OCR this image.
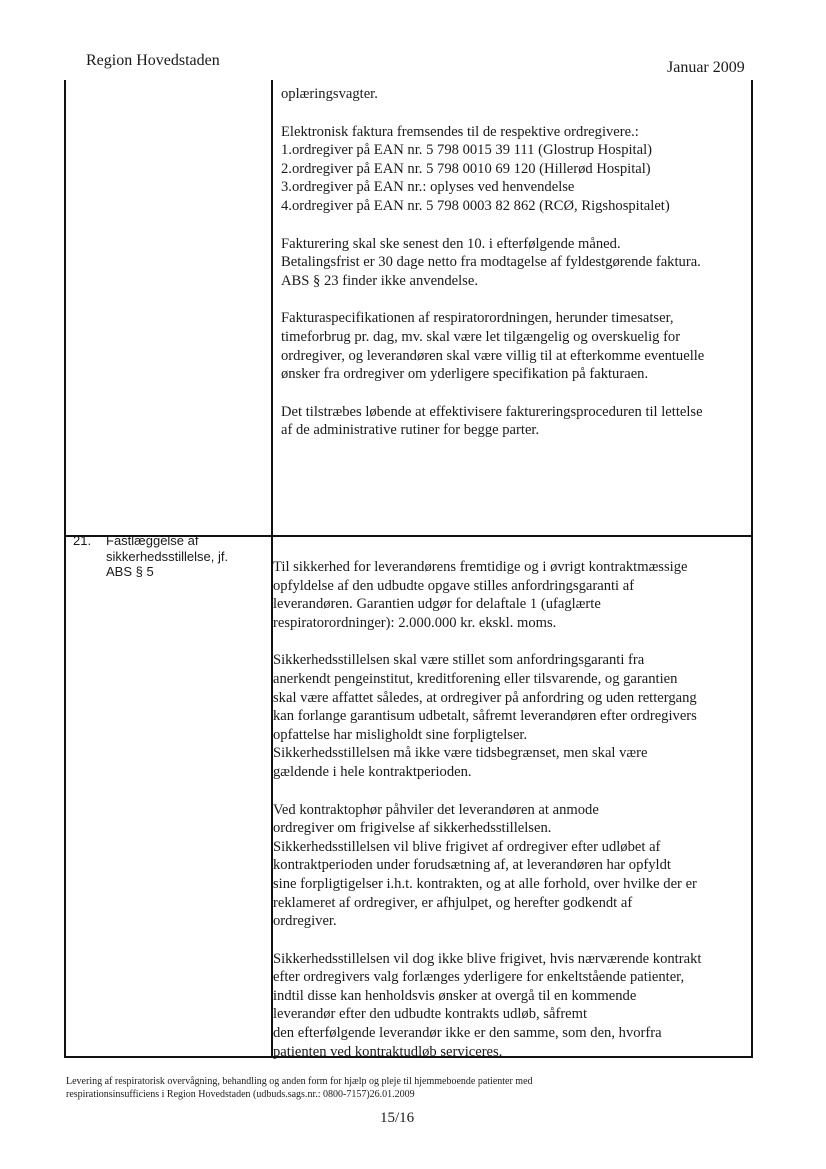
Region Hovedstaden	Januar 2009

oplæringsvagter.

Elektronisk faktura fremsendes til de respektive ordregivere.:
1.ordregiver på EAN nr. 5 798 0015 39 111 (Glostrup Hospital)
2.ordregiver på EAN nr. 5 798 0010 69 120 (Hillerød Hospital)
3.ordregiver på EAN nr.: oplyses ved henvendelse
4.ordregiver på EAN nr. 5 798 0003 82 862 (RCØ, Rigshospitalet)

Fakturering skal ske senest den 10. i efterfølgende måned.
Betalingsfrist er 30 dage netto fra modtagelse af fyldestgørende faktura.
ABS § 23 finder ikke anvendelse.

Fakturaspecifikationen af respiratorordningen, herunder timesatser,
timeforbrug pr. dag, mv. skal være let tilgængelig og overskuelig for
ordregiver, og leverandøren skal være villig til at efterkomme eventuelle
ønsker fra ordregiver om yderligere specifikation på fakturaen.

Det tilstræbes løbende at effektivisere faktureringsproceduren til lettelse
af de administrative rutiner for begge parter.

21. Fastlæggelse af
sikkerhedsstillelse, jf.
ABS § 5	Til sikkerhed for leverandørens fremtidige og i øvrigt kontraktmæssige
opfyldelse af den udbudte opgave stilles anfordringsgaranti af
leverandøren. Garantien udgør for delaftale 1 (ufaglærte
respiratorordninger): 2.000.000 kr. ekskl. moms.

Sikkerhedsstillelsen skal være stillet som anfordringsgaranti fra
anerkendt pengeinstitut, kreditforening eller tilsvarende, og garantien
skal være affattet således, at ordregiver på anfordring og uden rettergang
kan forlange garantisum udbetalt, såfremt leverandøren efter ordregivers
opfattelse har misligholdt sine forpligtelser.
Sikkerhedsstillelsen må ikke være tidsbegrænset, men skal være
gældende i hele kontraktperioden.

Ved kontraktophør påhviler det leverandøren at anmode
ordregiver om frigivelse af sikkerhedsstillelsen.
Sikkerhedsstillelsen vil blive frigivet af ordregiver efter udløbet af
kontraktperioden under forudsætning af, at leverandøren har opfyldt
sine forpligtigelser i.h.t. kontrakten, og at alle forhold, over hvilke der er
reklameret af ordregiver, er afhjulpet, og herefter godkendt af
ordregiver.

Sikkerhedsstillelsen vil dog ikke blive frigivet, hvis nærværende kontrakt
efter ordregivers valg forlænges yderligere for enkeltstående patienter,
indtil disse kan henholdsvis ønsker at overgå til en kommende
leverandør efter den udbudte kontrakts udløb, såfremt
den efterfølgende leverandør ikke er den samme, som den, hvorfra
patienten ved kontraktudløb serviceres.

Levering af respiratorisk overvågning, behandling og anden form for hjælp og pleje til hjemmeboende patienter med
respirationsinsufficiens i Region Hovedstaden (udbuds.sags.nr.: 0800-7157)26.01.2009
15/16
